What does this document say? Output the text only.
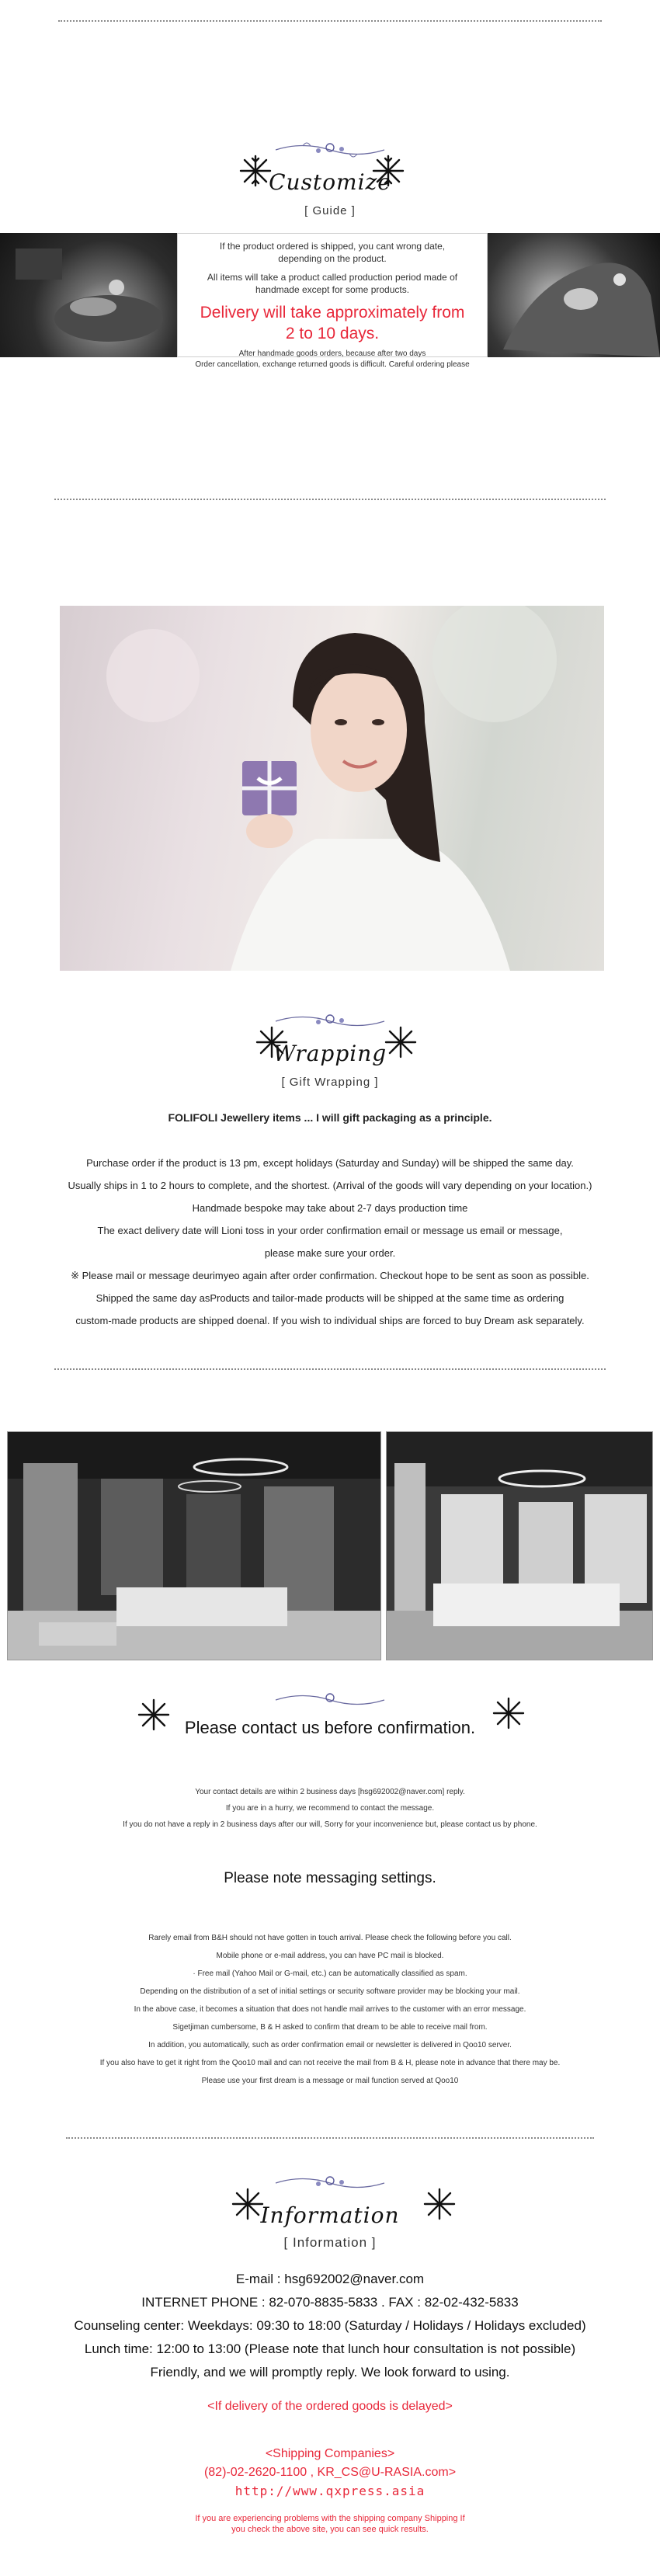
Customize
[ Guide ]
If the product ordered is shipped, you cant wrong date,
depending on the product.
All items will take a product called production period made of
handmade except for some products.
Delivery will take approximately from
2 to 10 days.
After handmade goods orders, because after two days
Order cancellation, exchange returned goods is difficult. Careful ordering please
Wrapping
[ Gift Wrapping ]
FOLIFOLI Jewellery items ... I will gift packaging as a principle.

Purchase order if the product is 13 pm, except holidays (Saturday and Sunday) will be shipped the same day.

Usually ships in 1 to 2 hours to complete, and the shortest. (Arrival of the goods will vary depending on your location.)

Handmade bespoke may take about 2-7 days production time

The exact delivery date will Lioni toss in your order confirmation email or message us email or message,

please make sure your order.

※ Please mail or message deurimyeo again after order confirmation. Checkout hope to be sent as soon as possible.

Shipped the same day asProducts and tailor-made products will be shipped at the same time as ordering

custom-made products are shipped doenal. If you wish to individual ships are forced to buy Dream ask separately.

Please contact us before confirmation.

Your contact details are within 2 business days [hsg692002@naver.com] reply.

If you are in a hurry, we recommend to contact the message.

If you do not have a reply in 2 business days after our will, Sorry for your inconvenience but, please contact us by phone.

Please note messaging settings.

Rarely email from B&H should not have gotten in touch arrival. Please check the following before you call.

Mobile phone or e-mail address, you can have PC mail is blocked.

· Free mail (Yahoo Mail or G-mail, etc.) can be automatically classified as spam.

Depending on the distribution of a set of initial settings or security software provider may be blocking your mail.

In the above case, it becomes a situation that does not handle mail arrives to the customer with an error message.

Sigetjiman cumbersome, B & H asked to confirm that dream to be able to receive mail from.

In addition, you automatically, such as order confirmation email or newsletter is delivered in Qoo10 server.

If you also have to get it right from the Qoo10 mail and can not receive the mail from B & H, please note in advance that there may be.

Please use your first dream is a message or mail function served at Qoo10

Information
[ Information ]
E-mail : hsg692002@naver.com
INTERNET PHONE : 82-070-8835-5833 . FAX : 82-02-432-5833
Counseling center: Weekdays: 09:30 to 18:00 (Saturday / Holidays / Holidays excluded)
Lunch time: 12:00 to 13:00 (Please note that lunch hour consultation is not possible)
Friendly, and we will promptly reply. We look forward to using.
<If delivery of the ordered goods is delayed>
<Shipping Companies>
(82)-02-2620-1100 , KR_CS@U-RASIA.com>
http://www.qxpress.asia
If you are experiencing problems with the shipping company Shipping If
you check the above site, you can see quick results.
